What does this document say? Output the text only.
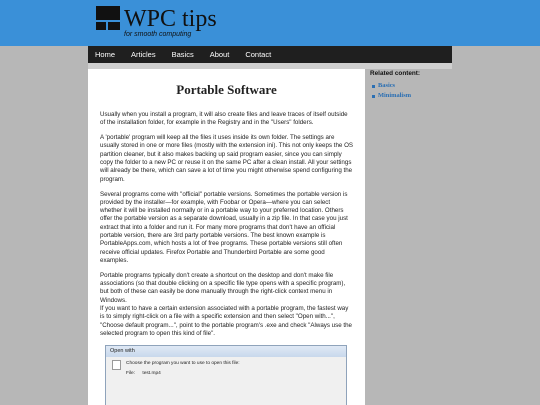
WPC tips
for smooth computing
Home	Articles	Basics	About	Contact
Portable Software

Usually when you install a program, it will also create files and leave traces of itself outside of the installation folder, for example in the Registry and in the "Users" folders.

A 'portable' program will keep all the files it uses inside its own folder. The settings are usually stored in one or more files (mostly with the extension ini). This not only keeps the OS partition cleaner, but it also makes backing up said program easier, since you can simply copy the folder to a new PC or reuse it on the same PC after a clean install. All your settings will already be there, which can save a lot of time you might otherwise spend configuring the program.

Several programs come with "official" portable versions. Sometimes the portable version is provided by the installer—for example, with Foobar or Opera—where you can select whether it will be installed normally or in a portable way to your preferred location. Others offer the portable version as a separate download, usually in a zip file. In that case you just extract that into a folder and run it. For many more programs that don't have an official portable version, there are 3rd party portable versions. The best known example is PortableApps.com, which hosts a lot of free programs. These portable versions still often receive official updates. Firefox Portable and Thunderbird Portable are some good examples.

Portable programs typically don't create a shortcut on the desktop and don't make file associations (so that double clicking on a specific file type opens with a specific program), but both of these can easily be done manually through the right-click context menu in Windows.

If you want to have a certain extension associated with a portable program, the fastest way is to simply right-click on a file with a specific extension and then select "Open with...", "Choose default program...", point to the portable program's .exe and check "Always use the selected program to open this kind of file".

Open with
Choose the program you want to use to open this file:
File: test.mp4
Related content:
Basics
Minimalism
